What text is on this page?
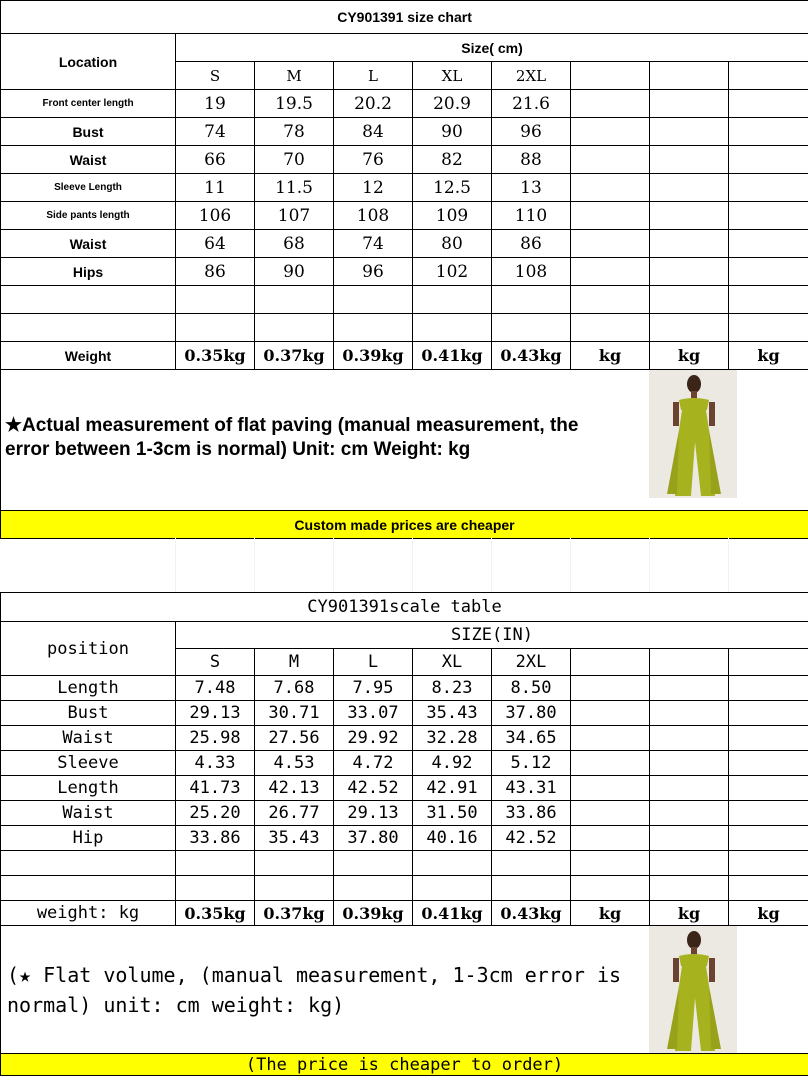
CY901391 size chart								
Location	Size( cm)							
	S	M	L	XL	2XL			
Front center length	19	19.5	20.2	20.9	21.6			
Bust	74	78	84	90	96			
Waist	66	70	76	82	88			
Sleeve Length	11	11.5	12	12.5	13			
Side pants length	106	107	108	109	110			
Waist	64	68	74	80	86			
Hips	86	90	96	102	108			

Weight	0.35kg	0.37kg	0.39kg	0.41kg	0.43kg	kg	kg	kg

★Actual measurement of flat paving (manual measurement, the error between 1-3cm is normal) Unit: cm Weight: kg								

Custom made prices are cheaper								
CY901391scale table								
position	SIZE(IN)							
	S	M	L	XL	2XL			
Length	7.48	7.68	7.95	8.23	8.50			
Bust	29.13	30.71	33.07	35.43	37.80			
Waist	25.98	27.56	29.92	32.28	34.65			
Sleeve	4.33	4.53	4.72	4.92	5.12			
Length	41.73	42.13	42.52	42.91	43.31			
Waist	25.20	26.77	29.13	31.50	33.86			
Hip	33.86	35.43	37.80	40.16	42.52			

weight: kg	0.35kg	0.37kg	0.39kg	0.41kg	0.43kg	kg	kg	kg

(★ Flat volume, (manual measurement, 1-3cm error is normal) unit: cm weight: kg)								

(The price is cheaper to order)								
